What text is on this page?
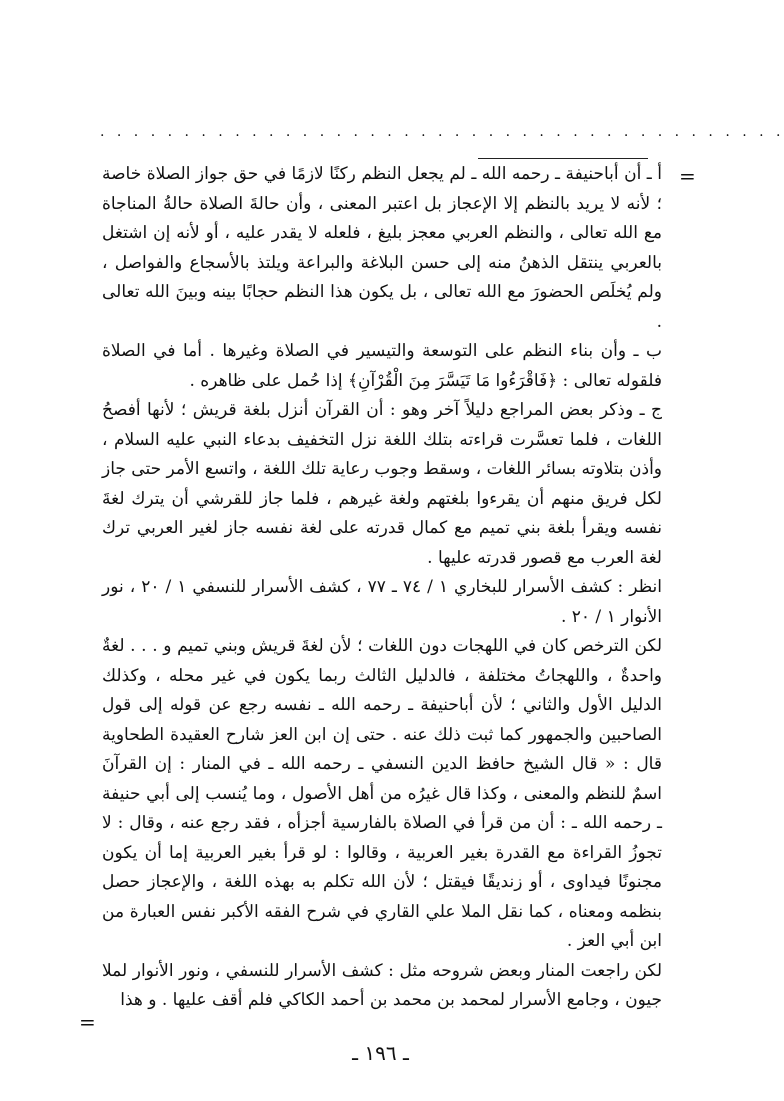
. . . . . . . . . . . . . . . . . . . . . . . . . . . . . . . . . . . . . . . . .
=

أ ـ أن أباحنيفة ـ رحمه الله ـ لم يجعل النظم ركنًا لازمًا في حق جواز الصلاة خاصة ؛ لأنه لا يريد بالنظم إلا الإعجاز بل اعتبر المعنى ، وأن حالةَ الصلاة حالةُ المناجاة مع الله تعالى ، والنظم العربي معجز بليغ ، فلعله لا يقدر عليه ، أو لأنه إن اشتغل بالعربي ينتقل الذهنُ منه إلى حسن البلاغة والبراعة ويلتذ بالأسجاع والفواصل ، ولم يُخلَص الحضورَ مع الله تعالى ، بل يكون هذا النظم حجابًا بينه وبينَ الله تعالى .

ب ـ وأن بناء النظم على التوسعة والتيسير في الصلاة وغيرها . أما في الصلاة فلقوله تعالى : ﴿فَاقْرَءُوا مَا تَيَسَّرَ مِنَ الْقُرْآنِ﴾ إذا حُمل على ظاهره .

ج ـ وذكر بعض المراجع دليلاً آخر وهو : أن القرآن أنزل بلغة قريش ؛ لأنها أفصحُ اللغات ، فلما تعسَّرت قراءته بتلك اللغة نزل التخفيف بدعاء النبي عليه السلام ، وأذن بتلاوته بسائر اللغات ، وسقط وجوب رعاية تلك اللغة ، واتسع الأمر حتى جاز لكل فريق منهم أن يقرءوا بلغتهم ولغة غيرهم ، فلما جاز للقرشي أن يترك لغةَ نفسه ويقرأ بلغة بني تميم مع كمال قدرته على لغة نفسه جاز لغير العربي ترك لغة العرب مع قصور قدرته عليها .

انظر : كشف الأسرار للبخاري ١ / ٧٤ ـ ٧٧ ، كشف الأسرار للنسفي ١ / ٢٠ ، نور الأنوار ١ / ٢٠ .

لكن الترخص كان في اللهجات دون اللغات ؛ لأن لغةَ قريش وبني تميم و . . . لغةٌ واحدةٌ ، واللهجاتُ مختلفة ، فالدليل الثالث ربما يكون في غير محله ، وكذلك الدليل الأول والثاني ؛ لأن أباحنيفة ـ رحمه الله ـ نفسه رجع عن قوله إلى قول الصاحبين والجمهور كما ثبت ذلك عنه . حتى إن ابن العز شارح العقيدة الطحاوية قال : « قال الشيخ حافظ الدين النسفي ـ رحمه الله ـ في المنار : إن القرآنَ اسمٌ للنظم والمعنى ، وكذا قال غيرُه من أهل الأصول ، وما يُنسب إلى أبي حنيفة ـ رحمه الله ـ : أن من قرأ في الصلاة بالفارسية أجزأه ، فقد رجع عنه ، وقال : لا تجوزُ القراءة مع القدرة بغير العربية ، وقالوا : لو قرأ بغير العربية إما أن يكون مجنونًا فيداوى ، أو زنديقًا فيقتل ؛ لأن الله تكلم به بهذه اللغة ، والإعجاز حصل بنظمه ومعناه ، كما نقل الملا علي القاري في شرح الفقه الأكبر نفس العبارة من ابن أبي العز .

لكن راجعت المنار وبعض شروحه مثل : كشف الأسرار للنسفي ، ونور الأنوار لملا جيون ، وجامع الأسرار لمحمد بن محمد بن أحمد الكاكي فلم أقف عليها . و هذا

=
ـ ١٩٦ ـ
